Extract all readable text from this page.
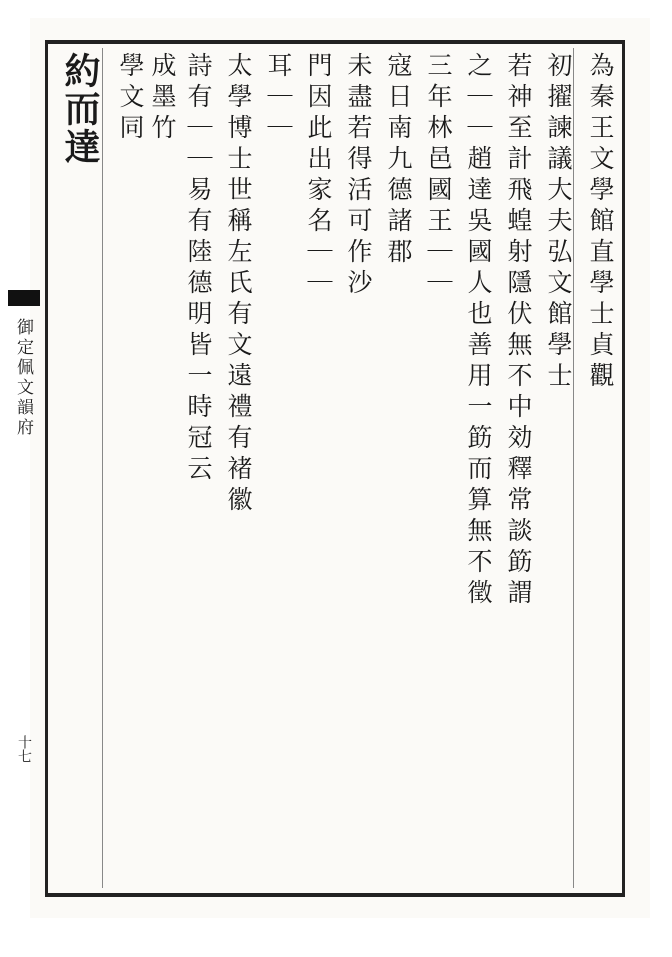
御定佩文韻府
十七
為秦王文學館直學士貞觀
初擢諫議大夫弘文館學士
若神至計飛蝗射隱伏無不中効釋常談筯謂
之｜｜趙達吳國人也善用一筯而算無不徵
三年林邑國王｜｜
寇日南九德諸郡
未盡若得活可作沙
門因此出家名｜｜
耳｜｜
太學博士世稱左氏有文遠禮有褚徽
詩有｜｜易有陸德明皆一時冠云
成墨竹
學文同
約而達
